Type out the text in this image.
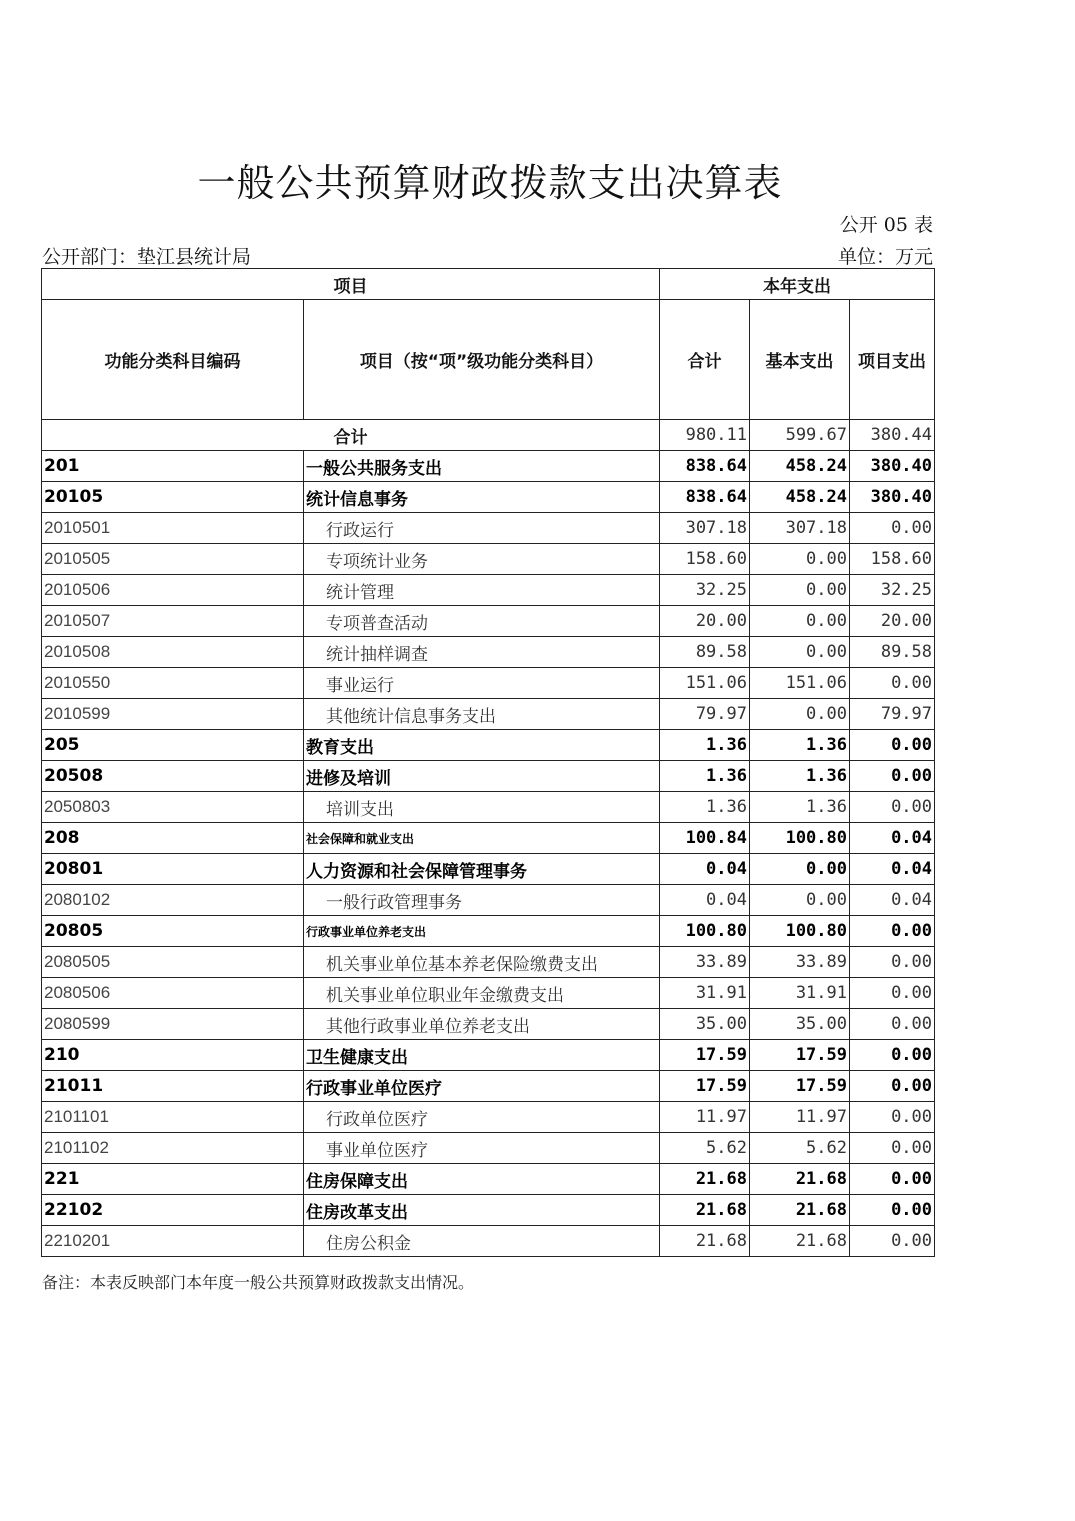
一般公共预算财政拨款支出决算表
公开 05 表
公开部门：垫江县统计局	单位：万元
项目		本年支出		
功能分类科目编码	项目（按“项”级功能分类科目）	合计	基本支出	项目支出
合计		980.11	599.67	380.44
201	一般公共服务支出	838.64	458.24	380.40
20105	统计信息事务	838.64	458.24	380.40
2010501	行政运行	307.18	307.18	0.00
2010505	专项统计业务	158.60	0.00	158.60
2010506	统计管理	32.25	0.00	32.25
2010507	专项普查活动	20.00	0.00	20.00
2010508	统计抽样调查	89.58	0.00	89.58
2010550	事业运行	151.06	151.06	0.00
2010599	其他统计信息事务支出	79.97	0.00	79.97
205	教育支出	1.36	1.36	0.00
20508	进修及培训	1.36	1.36	0.00
2050803	培训支出	1.36	1.36	0.00
208	社会保障和就业支出	100.84	100.80	0.04
20801	人力资源和社会保障管理事务	0.04	0.00	0.04
2080102	一般行政管理事务	0.04	0.00	0.04
20805	行政事业单位养老支出	100.80	100.80	0.00
2080505	机关事业单位基本养老保险缴费支出	33.89	33.89	0.00
2080506	机关事业单位职业年金缴费支出	31.91	31.91	0.00
2080599	其他行政事业单位养老支出	35.00	35.00	0.00
210	卫生健康支出	17.59	17.59	0.00
21011	行政事业单位医疗	17.59	17.59	0.00
2101101	行政单位医疗	11.97	11.97	0.00
2101102	事业单位医疗	5.62	5.62	0.00
221	住房保障支出	21.68	21.68	0.00
22102	住房改革支出	21.68	21.68	0.00
2210201	住房公积金	21.68	21.68	0.00
备注：本表反映部门本年度一般公共预算财政拨款支出情况。
